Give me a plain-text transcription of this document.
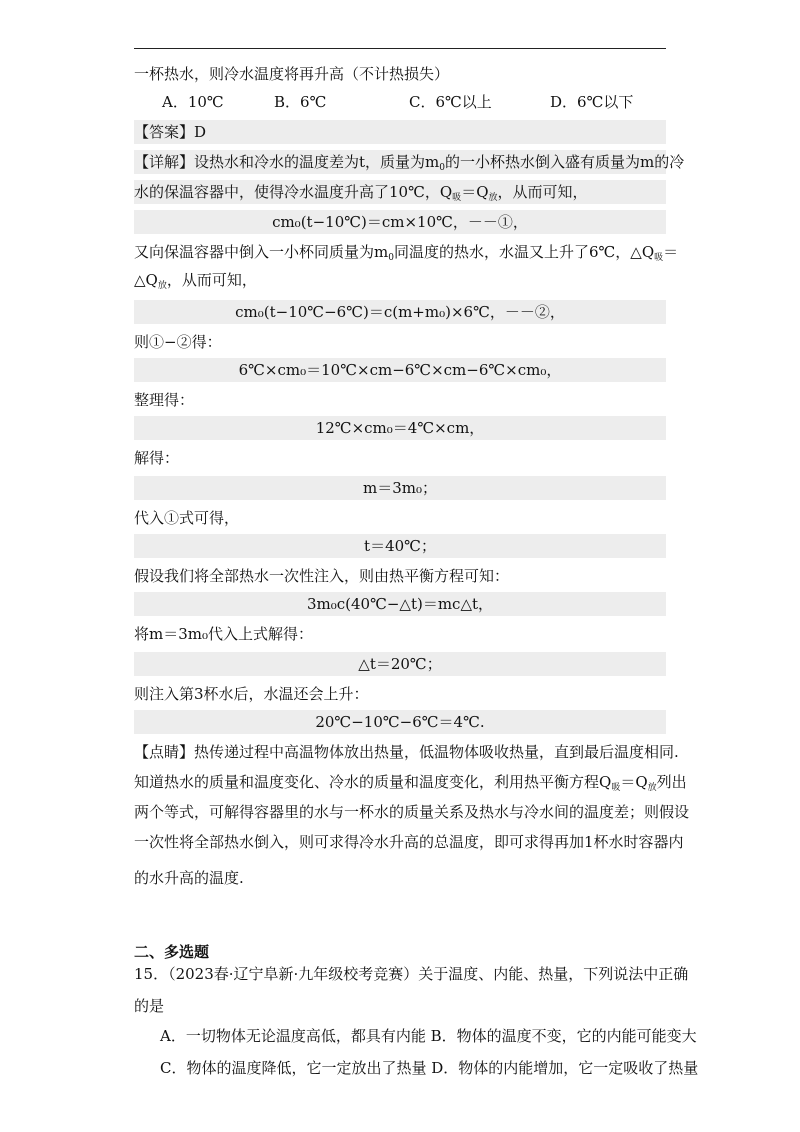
一杯热水，则冷水温度将再升高（不计热损失）
A．10℃	B．6℃	C．6℃以上	D．6℃以下
【答案】D
【详解】设热水和冷水的温度差为t，质量为$m_0$的一小杯热水倒入盛有质量为m的冷
水的保温容器中，使得冷水温度升高了10℃，$Q_吸=Q_放$，从而可知，
cm₀(t−10℃)＝cm×10℃，－－①，
又向保温容器中倒入一小杯同质量为$m_0$同温度的热水，水温又上升了6℃，$\triangle Q_吸=$
$\triangle Q_放$，从而可知，
cm₀(t−10℃−6℃)＝c(m+m₀)×6℃，－－②，
则①−②得：
6℃×cm₀＝10℃×cm−6℃×cm−6℃×cm₀，
整理得：
12℃×cm₀＝4℃×cm，
解得：
m＝3m₀；
代入①式可得，
t＝40℃；
假设我们将全部热水一次性注入，则由热平衡方程可知：
3m₀c(40℃−△t)＝mc△t，
将m＝3m₀代入上式解得：
△t＝20℃；
则注入第3杯水后，水温还会上升：
20℃−10℃−6℃＝4℃.
【点睛】热传递过程中高温物体放出热量，低温物体吸收热量，直到最后温度相同.
知道热水的质量和温度变化、冷水的质量和温度变化，利用热平衡方程$Q_吸=Q_放$列出
两个等式，可解得容器里的水与一杯水的质量关系及热水与冷水间的温度差；则假设
一次性将全部热水倒入，则可求得冷水升高的总温度，即可求得再加1杯水时容器内
的水升高的温度.
二、多选题
15．（2023春·辽宁阜新·九年级校考竞赛）关于温度、内能、热量，下列说法中正确
的是
A．一切物体无论温度高低，都具有内能 B．物体的温度不变，它的内能可能变大
C．物体的温度降低，它一定放出了热量 D．物体的内能增加，它一定吸收了热量
